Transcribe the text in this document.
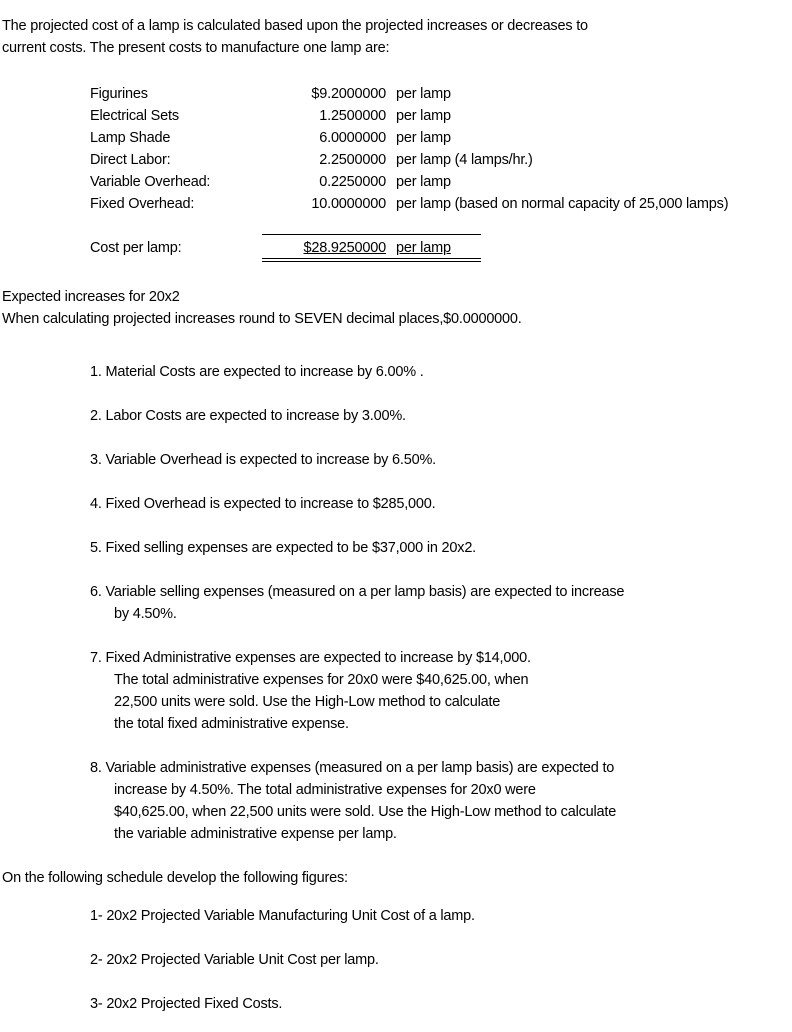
The projected cost of a lamp is calculated based upon the projected increases or decreases to
current costs. The present costs to manufacture one lamp are:
Figurines	$9.2000000 per lamp
Electrical Sets	1.2500000 per lamp
Lamp Shade	6.0000000 per lamp
Direct Labor:	2.2500000 per lamp (4 lamps/hr.)
Variable Overhead:	0.2250000 per lamp
Fixed Overhead:	10.0000000 per lamp (based on normal capacity of 25,000 lamps)
Cost per lamp:	$28.9250000 per lamp
Expected increases for 20x2
When calculating projected increases round to SEVEN decimal places,$0.0000000.
1. Material Costs are expected to increase by 6.00% .
2. Labor Costs are expected to increase by 3.00%.
3. Variable Overhead is expected to increase by 6.50%.
4. Fixed Overhead is expected to increase to $285,000.
5. Fixed selling expenses are expected to be $37,000 in 20x2.
6. Variable selling expenses (measured on a per lamp basis) are expected to increase
by 4.50%.
7. Fixed Administrative expenses are expected to increase by $14,000.
The total administrative expenses for 20x0 were $40,625.00, when
22,500 units were sold. Use the High-Low method to calculate
the total fixed administrative expense.
8. Variable administrative expenses (measured on a per lamp basis) are expected to
increase by 4.50%. The total administrative expenses for 20x0 were
$40,625.00, when 22,500 units were sold. Use the High-Low method to calculate
the variable administrative expense per lamp.
On the following schedule develop the following figures:
1- 20x2 Projected Variable Manufacturing Unit Cost of a lamp.
2- 20x2 Projected Variable Unit Cost per lamp.
3- 20x2 Projected Fixed Costs.
